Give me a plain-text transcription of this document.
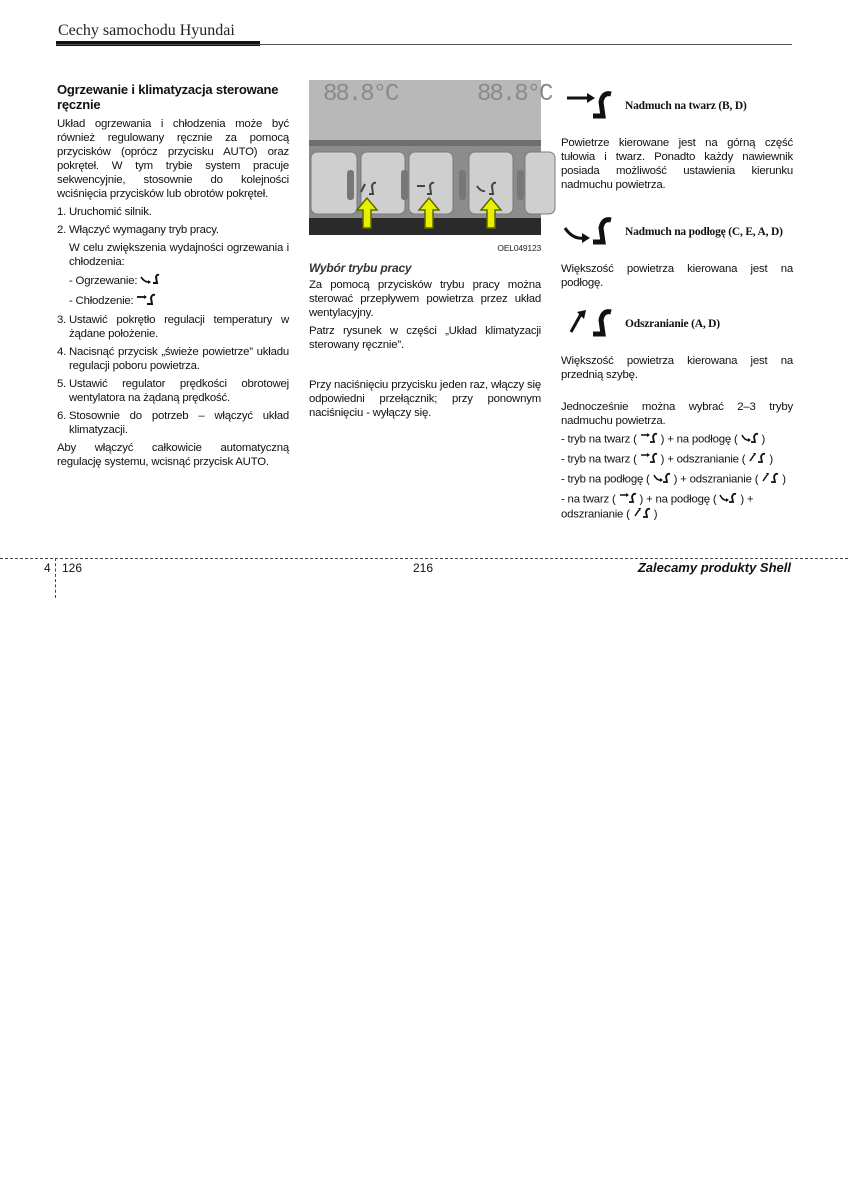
Cechy samochodu Hyundai
Ogrzewanie i klimatyzacja sterowane ręcznie

Układ ogrzewania i chłodzenia może być również regulowany ręcznie za pomocą przycisków (oprócz przycisku AUTO) oraz pokręteł. W tym trybie system pracuje sekwencyjnie, stosownie do kolejności wciśnięcia przycisków lub obrotów pokręteł.

1. Uruchomić silnik.
2. Włączyć wymagany tryb pracy.

W celu zwiększenia wydajności ogrzewania i chłodzenia:

- Ogrzewanie:
- Chłodzenie:
3. Ustawić pokrętło regulacji temperatury w żądane położenie.
4. Nacisnąć przycisk „świeże powietrze” układu regulacji poboru powietrza.
5. Ustawić regulator prędkości obrotowej wentylatora na żądaną prędkość.
6. Stosownie do potrzeb – włączyć układ klimatyzacji.

Aby włączyć całkowicie automatyczną regulację systemu, wcisnąć przycisk AUTO.

88.8°C	88.8°C
OEL049123
Wybór trybu pracy

Za pomocą przycisków trybu pracy można sterować przepływem powietrza przez układ wentylacyjny.

Patrz rysunek w części „Układ klimatyzacji sterowany ręcznie”.

Przy naciśnięciu przycisku jeden raz, włączy się odpowiedni przełącznik; przy ponownym naciśnięciu - wyłączy się.

Nadmuch na twarz (B, D)

Powietrze kierowane jest na górną część tułowia i twarz. Ponadto każdy nawiewnik posiada możliwość ustawienia kierunku nadmuchu powietrza.

Nadmuch na podłogę (C, E, A, D)

Większość powietrza kierowana jest na podłogę.

Odszranianie (A, D)

Większość powietrza kierowana jest na przednią szybę.

Jednocześnie można wybrać 2–3 tryby nadmuchu powietrza.

- tryb na twarz ( ) + na podłogę ( )
- tryb na twarz ( ) + odszranianie ( )
- tryb na podłogę ( ) + odszranianie ( )
- na twarz ( ) + na podłogę ( ) + odszranianie ( )
4 126	216	Zalecamy produkty Shell
